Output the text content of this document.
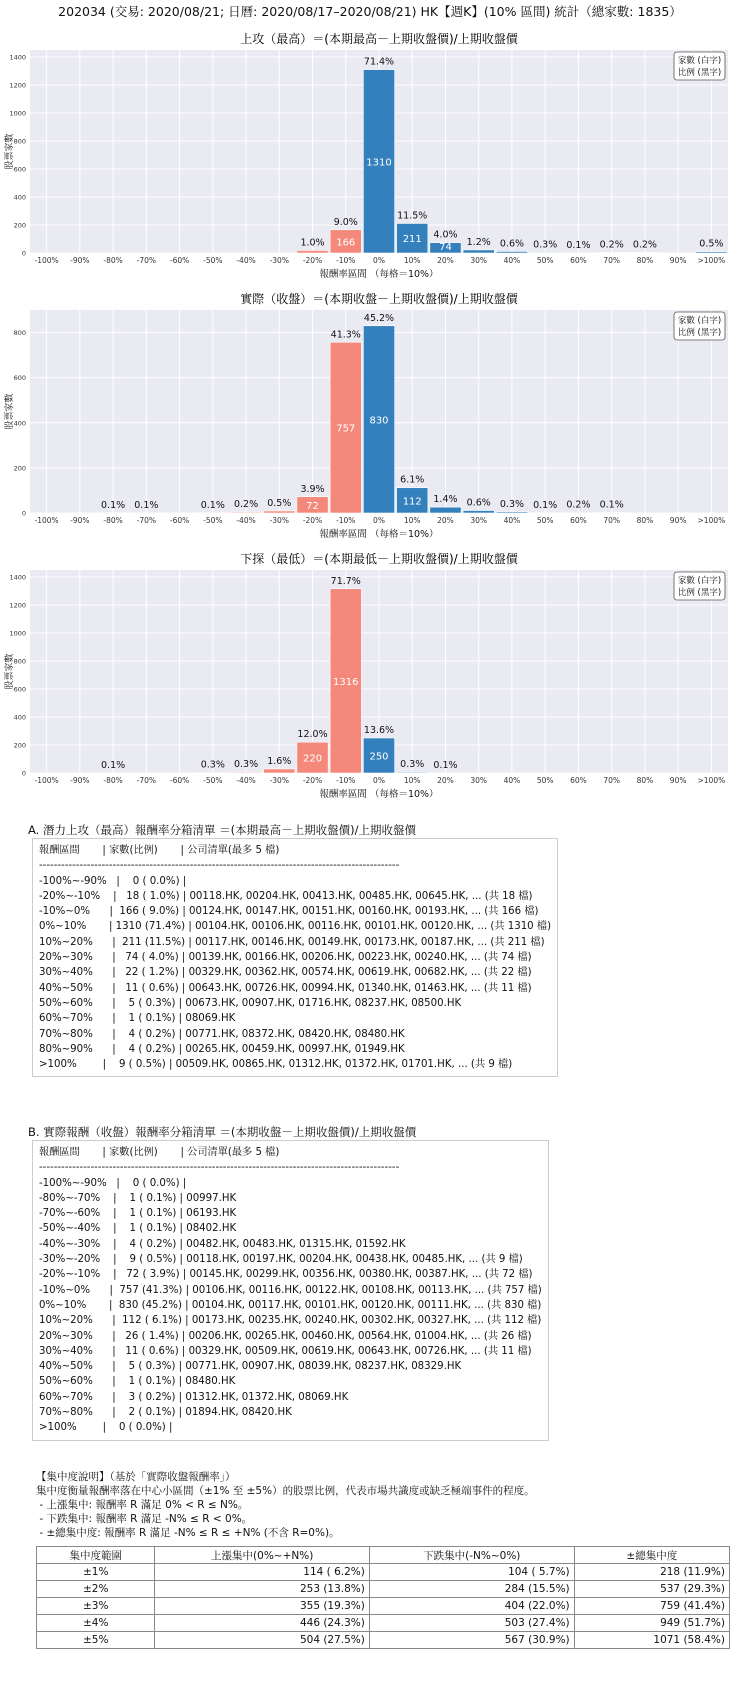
202034 (交易: 2020/08/21; 日曆: 2020/08/17–2020/08/21) HK【週K】(10% 區間) 統計（總家數: 1835）
上攻（最高）＝(本期最高－上期收盤價)/上期收盤價
0
200
400
600
800
1000
1200
1400
-100% -90% -80% -70% -60% -50% -40% -30%
1.0%
-20%
166
9.0%
-10%
1310
71.4%
0%
211
11.5%
10%
74
4.0%
20%
1.2%
30%
0.6%
40%
0.3%
50%
0.1%
60%
0.2%
70%
0.2%
80% 90%
0.5%
>100%
報酬率區間 （每格＝10%）
股票家數
家數 (白字)
比例 (黑字)
實際（收盤）＝(本期收盤－上期收盤價)/上期收盤價
0
200
400
600
800
-100% -90%
0.1%
-80%
0.1%
-70% -60%
0.1%
-50%
0.2%
-40%
0.5%
-30%
72
3.9%
-20%
757
41.3%
-10%
830
45.2%
0%
112
6.1%
10%
1.4%
20%
0.6%
30%
0.3%
40%
0.1%
50%
0.2%
60%
0.1%
70% 80% 90% >100%
報酬率區間 （每格＝10%）
股票家數
家數 (白字)
比例 (黑字)
下探（最低）＝(本期最低－上期收盤價)/上期收盤價
0
200
400
600
800
1000
1200
1400
-100% -90%
0.1%
-80% -70% -60%
0.3%
-50%
0.3%
-40%
1.6%
-30%
220
12.0%
-20%
1316
71.7%
-10%
250
13.6%
0%
0.3%
10%
0.1%
20% 30% 40% 50% 60% 70% 80% 90% >100%
報酬率區間 （每格＝10%）
股票家數
家數 (白字)
比例 (黑字)
A. 潛力上攻（最高）報酬率分箱清單 ＝(本期最高－上期收盤價)/上期收盤價
報酬區間       | 家數(比例)       | 公司清單(最多 5 檔)
--------------------------------------------------------------------------------------------------
-100%~-90%   |    0 ( 0.0%) |
-20%~-10%    |   18 ( 1.0%) | 00118.HK, 00204.HK, 00413.HK, 00485.HK, 00645.HK, ... (共 18 檔)
-10%~0%      |  166 ( 9.0%) | 00124.HK, 00147.HK, 00151.HK, 00160.HK, 00193.HK, ... (共 166 檔)
0%~10%       | 1310 (71.4%) | 00104.HK, 00106.HK, 00116.HK, 00101.HK, 00120.HK, ... (共 1310 檔)
10%~20%      |  211 (11.5%) | 00117.HK, 00146.HK, 00149.HK, 00173.HK, 00187.HK, ... (共 211 檔)
20%~30%      |   74 ( 4.0%) | 00139.HK, 00166.HK, 00206.HK, 00223.HK, 00240.HK, ... (共 74 檔)
30%~40%      |   22 ( 1.2%) | 00329.HK, 00362.HK, 00574.HK, 00619.HK, 00682.HK, ... (共 22 檔)
40%~50%      |   11 ( 0.6%) | 00643.HK, 00726.HK, 00994.HK, 01340.HK, 01463.HK, ... (共 11 檔)
50%~60%      |    5 ( 0.3%) | 00673.HK, 00907.HK, 01716.HK, 08237.HK, 08500.HK
60%~70%      |    1 ( 0.1%) | 08069.HK
70%~80%      |    4 ( 0.2%) | 00771.HK, 08372.HK, 08420.HK, 08480.HK
80%~90%      |    4 ( 0.2%) | 00265.HK, 00459.HK, 00997.HK, 01949.HK
>100%        |    9 ( 0.5%) | 00509.HK, 00865.HK, 01312.HK, 01372.HK, 01701.HK, ... (共 9 檔)
B. 實際報酬（收盤）報酬率分箱清單 ＝(本期收盤－上期收盤價)/上期收盤價
報酬區間       | 家數(比例)       | 公司清單(最多 5 檔)
--------------------------------------------------------------------------------------------------
-100%~-90%   |    0 ( 0.0%) |
-80%~-70%    |    1 ( 0.1%) | 00997.HK
-70%~-60%    |    1 ( 0.1%) | 06193.HK
-50%~-40%    |    1 ( 0.1%) | 08402.HK
-40%~-30%    |    4 ( 0.2%) | 00482.HK, 00483.HK, 01315.HK, 01592.HK
-30%~-20%    |    9 ( 0.5%) | 00118.HK, 00197.HK, 00204.HK, 00438.HK, 00485.HK, ... (共 9 檔)
-20%~-10%    |   72 ( 3.9%) | 00145.HK, 00299.HK, 00356.HK, 00380.HK, 00387.HK, ... (共 72 檔)
-10%~0%      |  757 (41.3%) | 00106.HK, 00116.HK, 00122.HK, 00108.HK, 00113.HK, ... (共 757 檔)
0%~10%       |  830 (45.2%) | 00104.HK, 00117.HK, 00101.HK, 00120.HK, 00111.HK, ... (共 830 檔)
10%~20%      |  112 ( 6.1%) | 00173.HK, 00235.HK, 00240.HK, 00302.HK, 00327.HK, ... (共 112 檔)
20%~30%      |   26 ( 1.4%) | 00206.HK, 00265.HK, 00460.HK, 00564.HK, 01004.HK, ... (共 26 檔)
30%~40%      |   11 ( 0.6%) | 00329.HK, 00509.HK, 00619.HK, 00643.HK, 00726.HK, ... (共 11 檔)
40%~50%      |    5 ( 0.3%) | 00771.HK, 00907.HK, 08039.HK, 08237.HK, 08329.HK
50%~60%      |    1 ( 0.1%) | 08480.HK
60%~70%      |    3 ( 0.2%) | 01312.HK, 01372.HK, 08069.HK
70%~80%      |    2 ( 0.1%) | 01894.HK, 08420.HK
>100%        |    0 ( 0.0%) |
【集中度說明】（基於「實際收盤報酬率」）
集中度衡量報酬率落在中心小區間（±1% 至 ±5%）的股票比例，代表市場共識度或缺乏極端事件的程度。
- 上漲集中: 報酬率 R 滿足 0% < R ≤ N%。
- 下跌集中: 報酬率 R 滿足 -N% ≤ R < 0%。
- ±總集中度: 報酬率 R 滿足 -N% ≤ R ≤ +N% (不含 R=0%)。
集中度範圍	上漲集中(0%~+N%)	下跌集中(-N%~0%)	±總集中度
±1%	114 ( 6.2%)	104 ( 5.7%)	218 (11.9%)
±2%	253 (13.8%)	284 (15.5%)	537 (29.3%)
±3%	355 (19.3%)	404 (22.0%)	759 (41.4%)
±4%	446 (24.3%)	503 (27.4%)	949 (51.7%)
±5%	504 (27.5%)	567 (30.9%)	1071 (58.4%)
